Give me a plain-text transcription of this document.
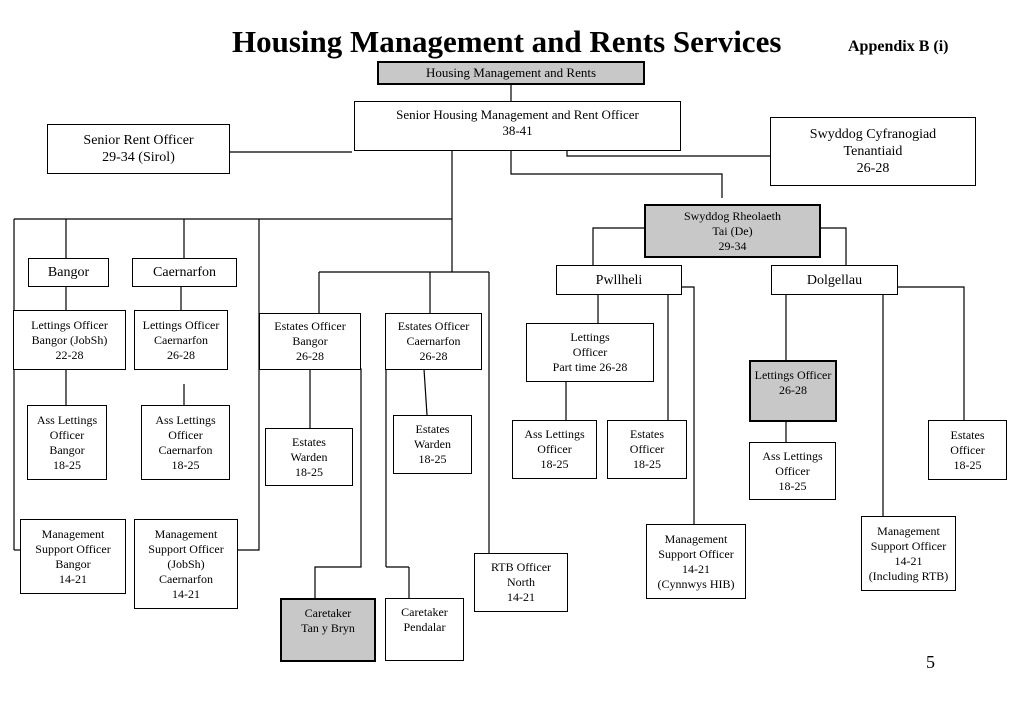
Housing Management and Rents Services	Appendix B (i)
5
Housing Management and Rents
Senior Housing Management and Rent Officer
38-41
Senior Rent Officer
29-34 (Sirol)
Swyddog Cyfranogiad
Tenantiaid
26-28
Swyddog Rheolaeth
Tai (De)
29-34
Bangor	Caernarfon	Pwllheli	Dolgellau
Lettings Officer
Bangor (JobSh)
22-28
Lettings Officer
Caernarfon
26-28
Estates Officer
Bangor
26-28
Estates Officer
Caernarfon
26-28
Lettings
Officer
Part time 26-28
Lettings Officer
26-28
Ass Lettings
Officer
Bangor
18-25
Ass Lettings
Officer
Caernarfon
18-25
Estates
Warden
18-25
Estates
Warden
18-25
Ass Lettings
Officer
18-25
Estates
Officer
18-25
Ass Lettings
Officer
18-25
Estates
Officer
18-25
Management
Support Officer
Bangor
14-21
Management
Support Officer
(JobSh)
Caernarfon
14-21
RTB Officer
North
14-21
Management
Support Officer
14-21
(Cynnwys HIB)
Management
Support Officer
14-21
(Including RTB)
Caretaker
Tan y Bryn
Caretaker
Pendalar
